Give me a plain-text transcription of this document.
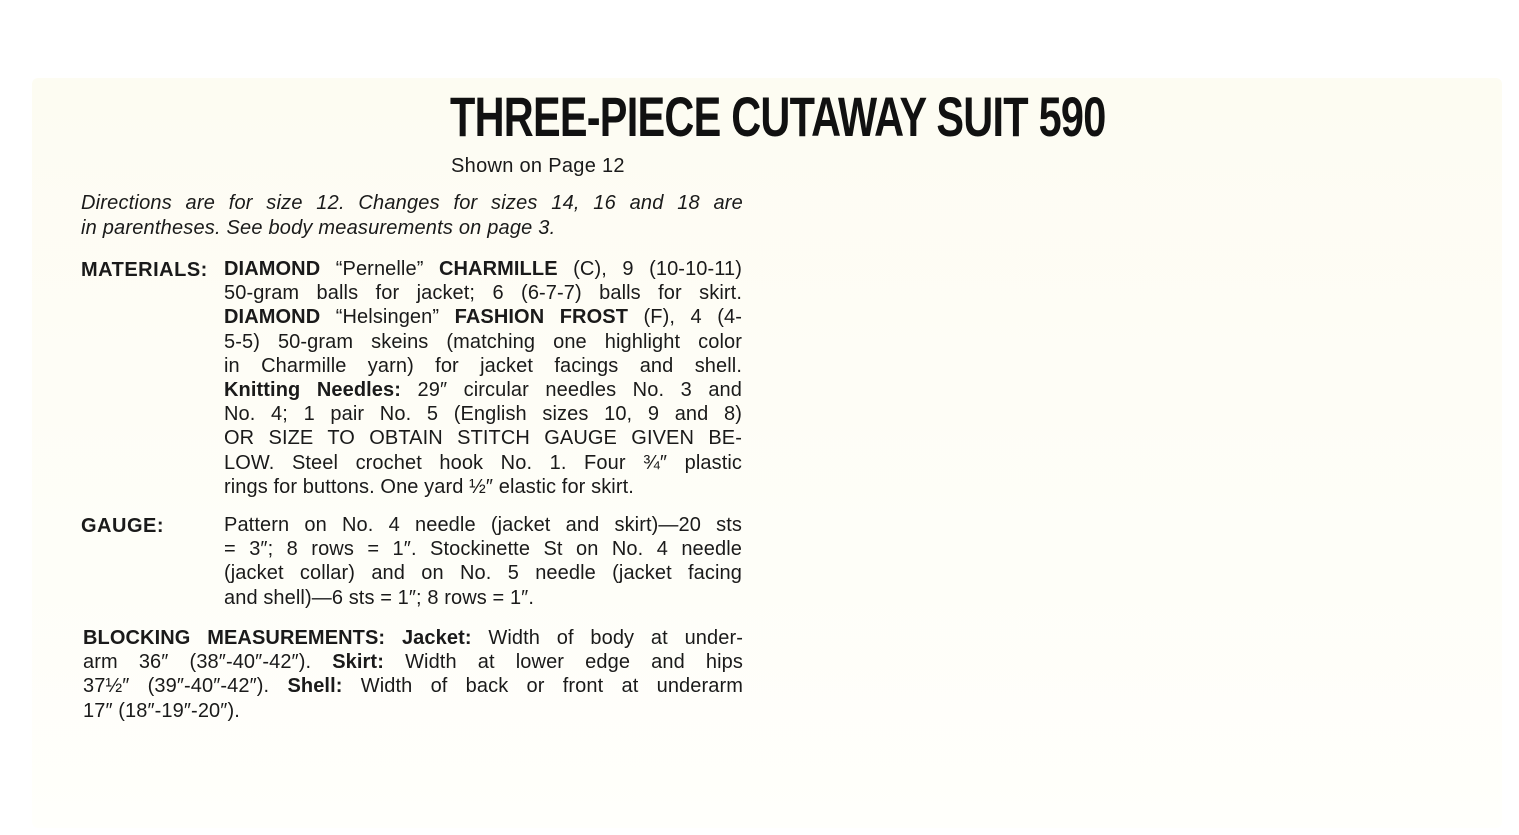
THREE-PIECE CUTAWAY SUIT 590
Shown on Page 12
Directions are for size 12. Changes for sizes 14, 16 and 18 are
in parentheses. See body measurements on page 3.
MATERIALS: DIAMOND “Pernelle” CHARMILLE (C), 9 (10-10-11)
50-gram balls for jacket; 6 (6-7-7) balls for skirt.
DIAMOND “Helsingen” FASHION FROST (F), 4 (4-
5-5) 50-gram skeins (matching one highlight color
in Charmille yarn) for jacket facings and shell.
Knitting Needles: 29″ circular needles No. 3 and
No. 4; 1 pair No. 5 (English sizes 10, 9 and 8)
OR SIZE TO OBTAIN STITCH GAUGE GIVEN BE-
LOW. Steel crochet hook No. 1. Four ¾″ plastic
rings for buttons. One yard ½″ elastic for skirt.
GAUGE:	Pattern on No. 4 needle (jacket and skirt)—20 sts
= 3″; 8 rows = 1″. Stockinette St on No. 4 needle
(jacket collar) and on No. 5 needle (jacket facing
and shell)—6 sts = 1″; 8 rows = 1″.
BLOCKING MEASUREMENTS: Jacket: Width of body at under-
arm 36″ (38″-40″-42″). Skirt: Width at lower edge and hips
37½″ (39″-40″-42″). Shell: Width of back or front at underarm
17″ (18″-19″-20″).
